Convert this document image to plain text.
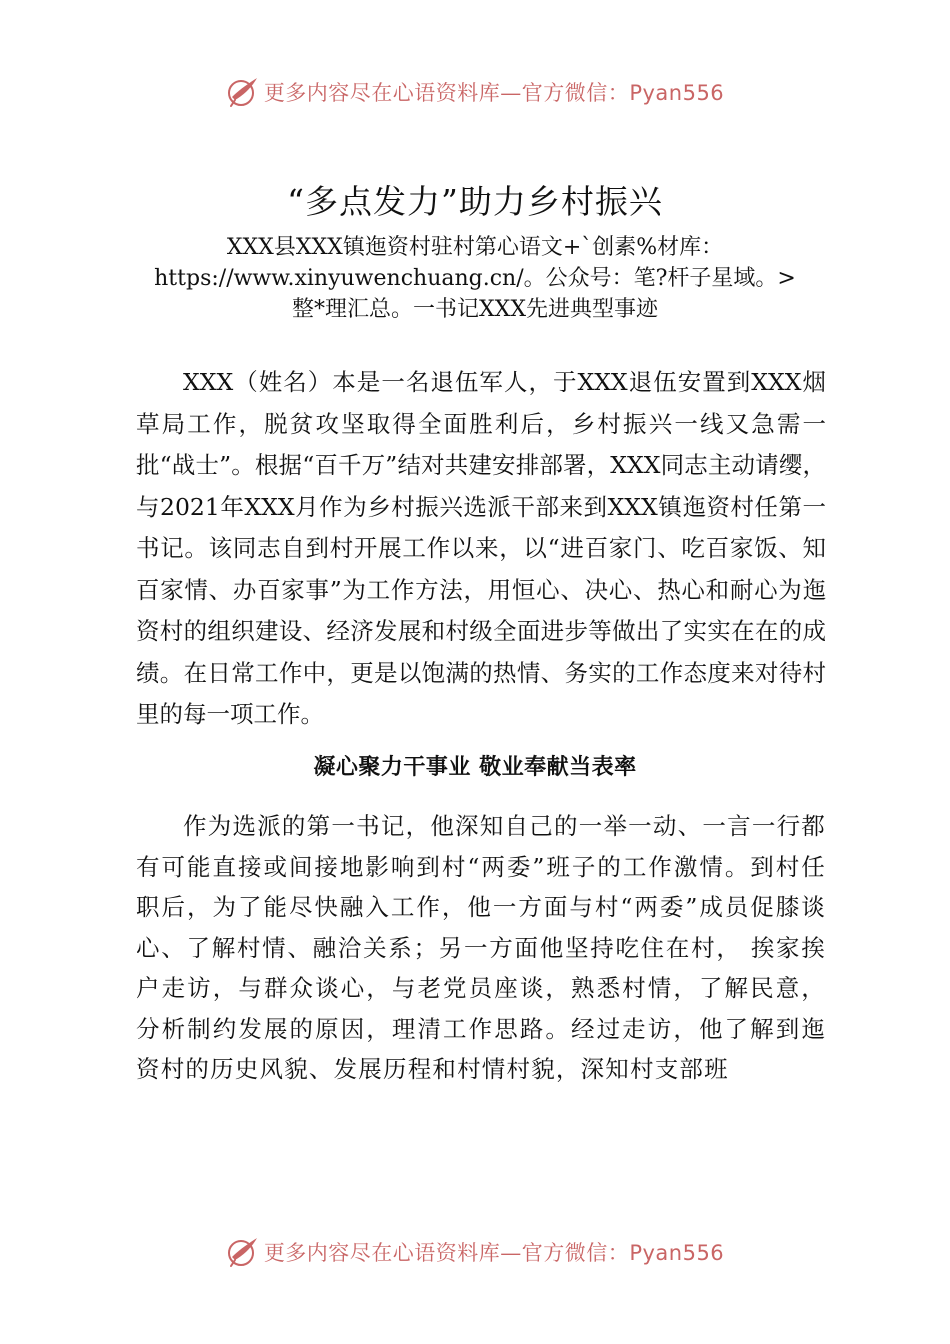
更多内容尽在心语资料库—官方微信：Pyan556
“多点发力”助力乡村振兴
XXX县XXX镇迤资村驻村第心语文+`创素%材库：https://www.xinyuwenchuang.cn/。公众号：笔?杆子星域。>整*理汇总。一书记XXX先进典型事迹
XXX（姓名）本是一名退伍军人，于XXX退伍安置到XXX烟草局工作，脱贫攻坚取得全面胜利后，乡村振兴一线又急需一批“战士”。根据“百千万”结对共建安排部署，XXX同志主动请缨，与2021年XXX月作为乡村振兴选派干部来到XXX镇迤资村任第一书记。该同志自到村开展工作以来，以“进百家门、吃百家饭、知百家情、办百家事”为工作方法，用恒心、决心、热心和耐心为迤资村的组织建设、经济发展和村级全面进步等做出了实实在在的成绩。在日常工作中，更是以饱满的热情、务实的工作态度来对待村里的每一项工作。
凝心聚力干事业 敬业奉献当表率
作为选派的第一书记，他深知自己的一举一动、一言一行都有可能直接或间接地影响到村“两委”班子的工作激情。到村任职后，为了能尽快融入工作，他一方面与村“两委”成员促膝谈心、了解村情、融洽关系；另一方面他坚持吃住在村， 挨家挨户走访，与群众谈心，与老党员座谈，熟悉村情，了解民意，分析制约发展的原因，理清工作思路。经过走访，他了解到迤资村的历史风貌、发展历程和村情村貌，深知村支部班
更多内容尽在心语资料库—官方微信：Pyan556
